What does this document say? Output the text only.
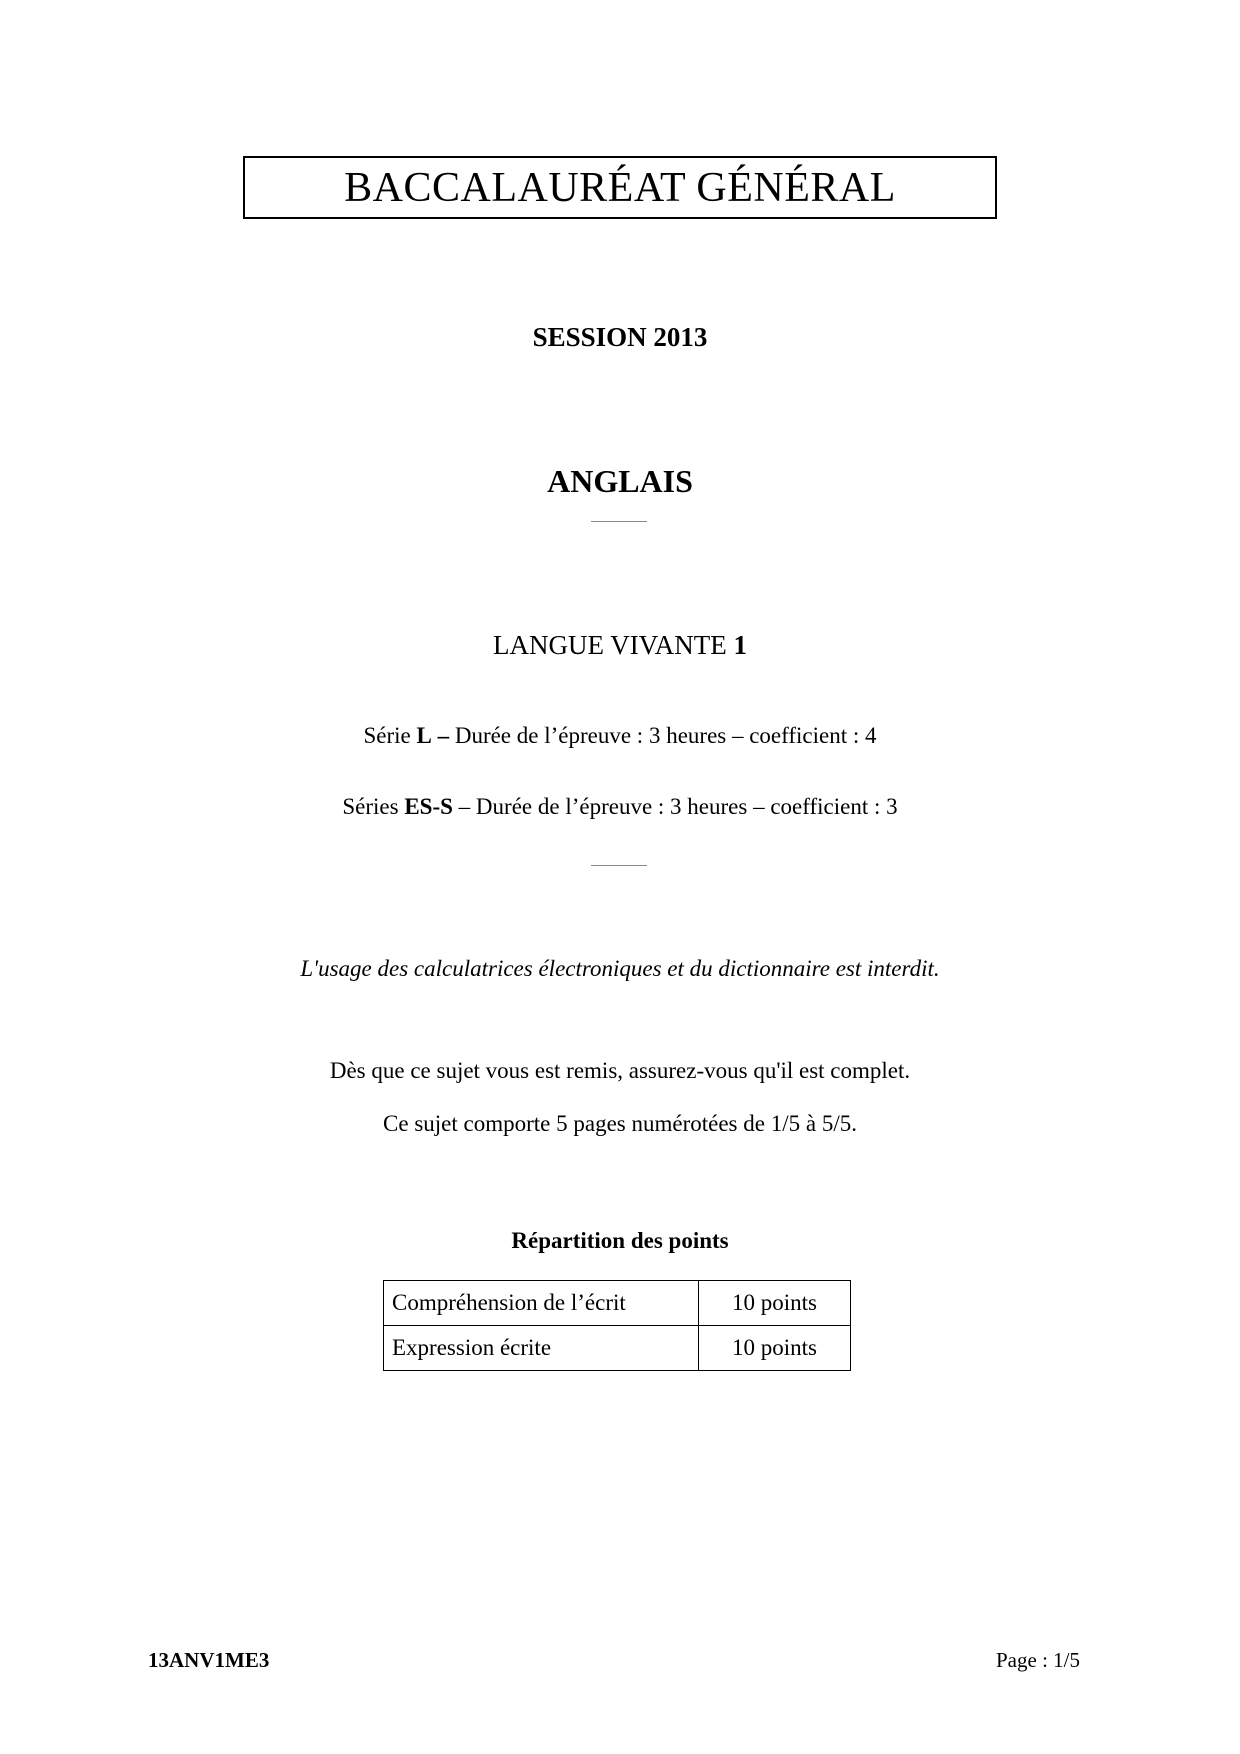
BACCALAURÉAT GÉNÉRAL
SESSION 2013
ANGLAIS
LANGUE VIVANTE 1
Série L – Durée de l’épreuve : 3 heures – coefficient : 4
Séries ES-S – Durée de l’épreuve : 3 heures – coefficient : 3
L'usage des calculatrices électroniques et du dictionnaire est interdit.
Dès que ce sujet vous est remis, assurez-vous qu'il est complet.
Ce sujet comporte 5 pages numérotées de 1/5 à 5/5.
Répartition des points
Compréhension de l’écrit	10 points
Expression écrite	10 points
13ANV1ME3	Page : 1/5
